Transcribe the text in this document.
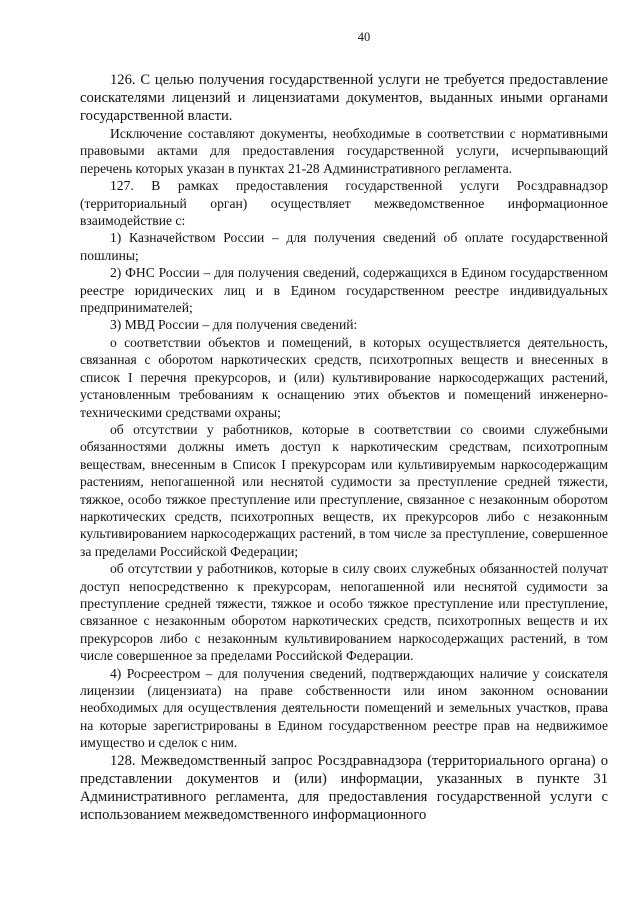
40

126. С целью получения государственной услуги не требуется предоставление соискателями лицензий и лицензиатами документов, выданных иными органами государственной власти.

Исключение составляют документы, необходимые в соответствии с нормативными правовыми актами для предоставления государственной услуги, исчерпывающий перечень которых указан в пунктах 21-28 Административного регламента.

127. В рамках предоставления государственной услуги Росздравнадзор (территориальный орган) осуществляет межведомственное информационное взаимодействие с:

1) Казначейством России – для получения сведений об оплате государственной пошлины;

2) ФНС России – для получения сведений, содержащихся в Едином государственном реестре юридических лиц и в Едином государственном реестре индивидуальных предпринимателей;

3) МВД России – для получения сведений:

о соответствии объектов и помещений, в которых осуществляется деятельность, связанная с оборотом наркотических средств, психотропных веществ и внесенных в список I перечня прекурсоров, и (или) культивирование наркосодержащих растений, установленным требованиям к оснащению этих объектов и помещений инженерно-техническими средствами охраны;

об отсутствии у работников, которые в соответствии со своими служебными обязанностями должны иметь доступ к наркотическим средствам, психотропным веществам, внесенным в Список I прекурсорам или культивируемым наркосодержащим растениям, непогашенной или неснятой судимости за преступление средней тяжести, тяжкое, особо тяжкое преступление или преступление, связанное с незаконным оборотом наркотических средств, психотропных веществ, их прекурсоров либо с незаконным культивированием наркосодержащих растений, в том числе за преступление, совершенное за пределами Российской Федерации;

об отсутствии у работников, которые в силу своих служебных обязанностей получат доступ непосредственно к прекурсорам, непогашенной или неснятой судимости за преступление средней тяжести, тяжкое и особо тяжкое преступление или преступление, связанное с незаконным оборотом наркотических средств, психотропных веществ и их прекурсоров либо с незаконным культивированием наркосодержащих растений, в том числе совершенное за пределами Российской Федерации.

4) Росреестром – для получения сведений, подтверждающих наличие у соискателя лицензии (лицензиата) на праве собственности или ином законном основании необходимых для осуществления деятельности помещений и земельных участков, права на которые зарегистрированы в Едином государственном реестре прав на недвижимое имущество и сделок с ним.

128. Межведомственный запрос Росздравнадзора (территориального органа) о представлении документов и (или) информации, указанных в пункте 31 Административного регламента, для предоставления государственной услуги с использованием межведомственного информационного
